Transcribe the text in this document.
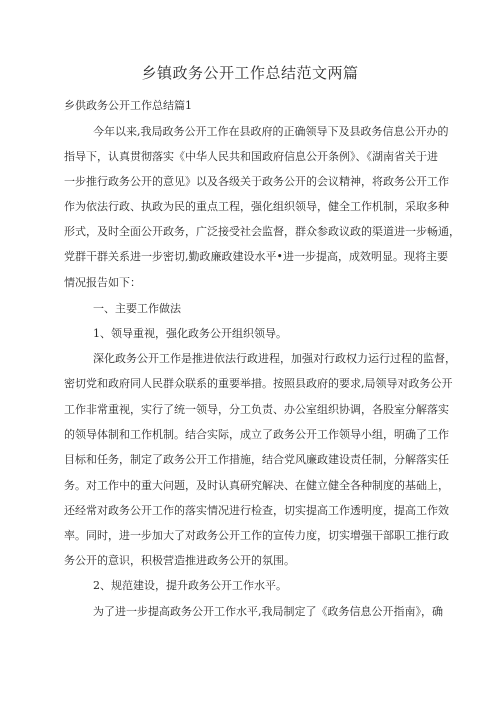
乡镇政务公开工作总结范文两篇
乡供政务公开工作总结篇1
今年以来,我局政务公开工作在县政府的正确领导下及县政务信息公开办的
指导下，认真贯彻落实《中华人民共和国政府信息公开条例》、《湖南省关于进
一步推行政务公开的意见》以及各级关于政务公开的会议精神，将政务公开工作
作为依法行政、执政为民的重点工程，强化组织领导，健全工作机制，采取多种
形式，及时全面公开政务，广泛接受社会监督，群众参政议政的渠道进一步畅通，
党群干群关系进一步密切,勤政廉政建设水平•进一步提高，成效明显。现将主要
情况报告如下：
一、主要工作做法
1、领导重视，强化政务公开组织领导。
深化政务公开工作是推进依法行政进程，加强对行政权力运行过程的监督，
密切党和政府同人民群众联系的重要举措。按照县政府的要求,局领导对政务公开
工作非常重视，实行了统一领导，分工负责、办公室组织协调，各股室分解落实
的领导体制和工作机制。结合实际，成立了政务公开工作领导小组，明确了工作
目标和任务，制定了政务公开工作措施，结合党风廉政建设责任制，分解落实任
务。对工作中的重大问题，及时认真研究解决、在健立健全各种制度的基础上，
还经常对政务公开工作的落实情况进行检查，切实提高工作透明度，提高工作效
率。同时，进一步加大了对政务公开工作的宣传力度，切实增强干部职工推行政
务公开的意识，积极营造推进政务公开的氛围。
2、规范建设，提升政务公开工作水平。
为了进一步提高政务公开工作水平,我局制定了《政务信息公开指南》，确
